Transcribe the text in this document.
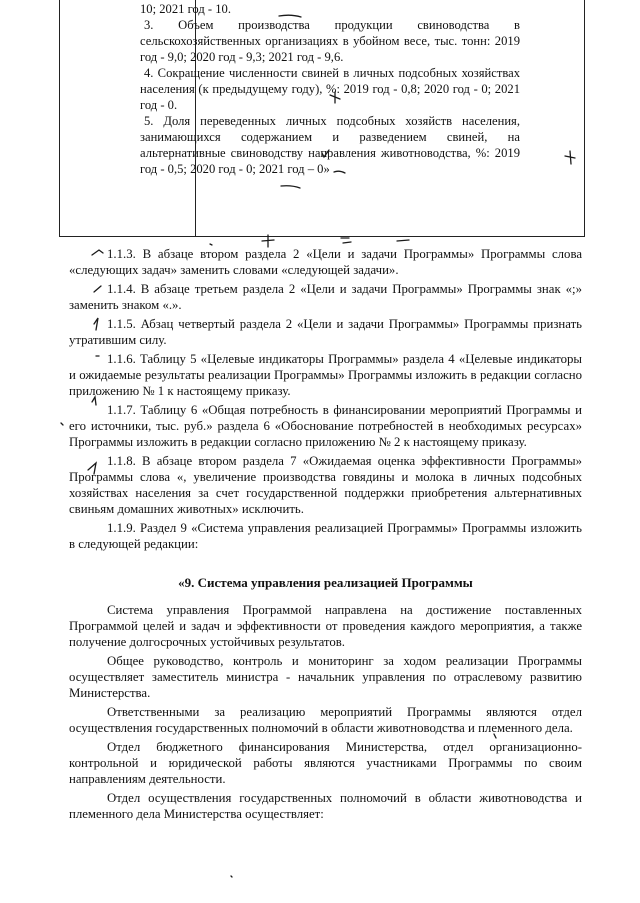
10; 2021 год - 10.

3. Объем производства продукции свиноводства в сельскохозяйственных организациях в убойном весе, тыс. тонн: 2019 год - 9,0; 2020 год - 9,3; 2021 год - 9,6.

4. Сокращение численности свиней в личных подсобных хозяйствах населения (к предыдущему году), %: 2019 год - 0,8; 2020 год - 0; 2021 год - 0.

5. Доля переведенных личных подсобных хозяйств населения, занимающихся содержанием и разведением свиней, на альтернативные свиноводству направления животноводства, %: 2019 год - 0,5; 2020 год - 0; 2021 год – 0»

1.1.3. В абзаце втором раздела 2 «Цели и задачи Программы» Программы слова «следующих задач» заменить словами «следующей задачи».

1.1.4. В абзаце третьем раздела 2 «Цели и задачи Программы» Программы знак «;» заменить знаком «.».

1.1.5. Абзац четвертый раздела 2 «Цели и задачи Программы» Программы признать утратившим силу.

1.1.6. Таблицу 5 «Целевые индикаторы Программы» раздела 4 «Целевые индикаторы и ожидаемые результаты реализации Программы» Программы изложить в редакции согласно приложению № 1 к настоящему приказу.

1.1.7. Таблицу 6 «Общая потребность в финансировании мероприятий Программы и его источники, тыс. руб.» раздела 6 «Обоснование потребностей в необходимых ресурсах» Программы изложить в редакции согласно приложению № 2 к настоящему приказу.

1.1.8. В абзаце втором раздела 7 «Ожидаемая оценка эффективности Программы» Программы слова «, увеличение производства говядины и молока в личных подсобных хозяйствах населения за счет государственной поддержки приобретения альтернативных свиньям домашних животных» исключить.

1.1.9. Раздел 9 «Система управления реализацией Программы» Программы изложить в следующей редакции:

«9. Система управления реализацией Программы

Система управления Программой направлена на достижение поставленных Программой целей и задач и эффективности от проведения каждого мероприятия, а также получение долгосрочных устойчивых результатов.

Общее руководство, контроль и мониторинг за ходом реализации Программы осуществляет заместитель министра - начальник управления по отраслевому развитию Министерства.

Ответственными за реализацию мероприятий Программы являются отдел осуществления государственных полномочий в области животноводства и племенного дела.

Отдел бюджетного финансирования Министерства, отдел организационно-контрольной и юридической работы являются участниками Программы по своим направлениям деятельности.

Отдел осуществления государственных полномочий в области животноводства и племенного дела Министерства осуществляет:
